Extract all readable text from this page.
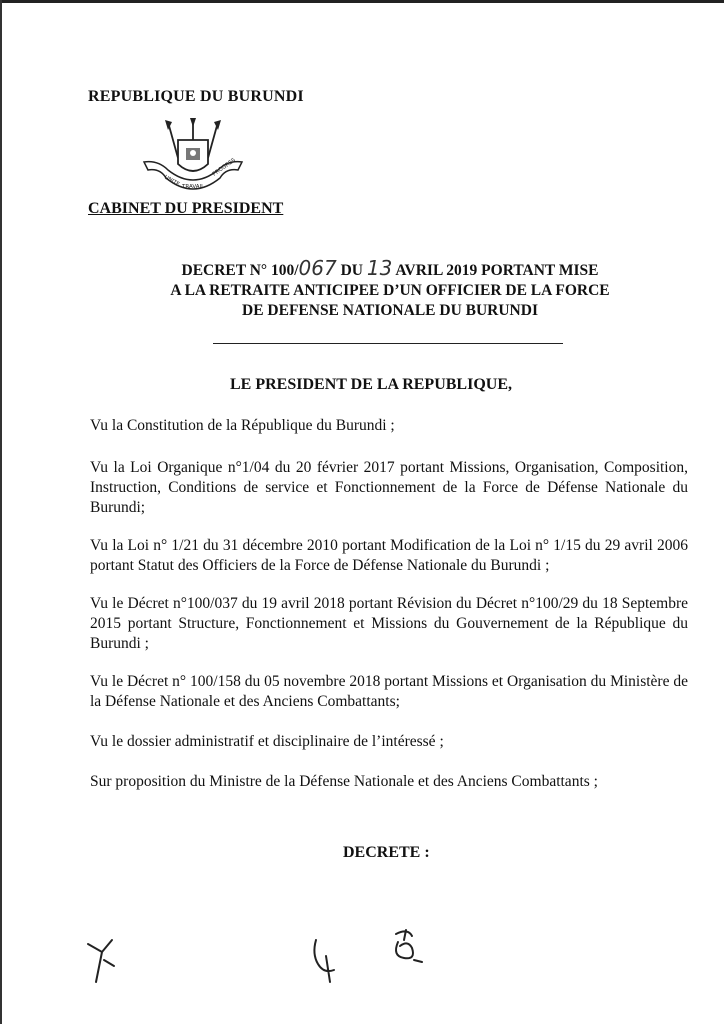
REPUBLIQUE DU BURUNDI
UNITE TRAVAIL
PROGRES
CABINET DU PRESIDENT
DECRET N° 100/067 DU 13 AVRIL 2019 PORTANT MISE
A LA RETRAITE ANTICIPEE D’UN OFFICIER DE LA FORCE
DE DEFENSE NATIONALE DU BURUNDI
LE PRESIDENT DE LA REPUBLIQUE,
Vu la Constitution de la République du Burundi ;
Vu la Loi Organique n°1/04 du 20 février 2017 portant Missions, Organisation, Composition, Instruction, Conditions de service et Fonctionnement de la Force de Défense Nationale du Burundi;
Vu la Loi n° 1/21 du 31 décembre 2010 portant Modification de la Loi n° 1/15 du 29 avril 2006 portant Statut des Officiers de la Force de Défense Nationale du Burundi ;
Vu le Décret n°100/037 du 19 avril 2018 portant Révision du Décret n°100/29 du 18 Septembre 2015 portant Structure, Fonctionnement et Missions du Gouvernement de la République du Burundi ;
Vu le Décret n° 100/158 du 05 novembre 2018 portant Missions et Organisation du Ministère de la Défense Nationale et des Anciens Combattants;
Vu le dossier administratif et disciplinaire de l’intéressé ;
Sur proposition du Ministre de la Défense Nationale et des Anciens Combattants ;
DECRETE :
